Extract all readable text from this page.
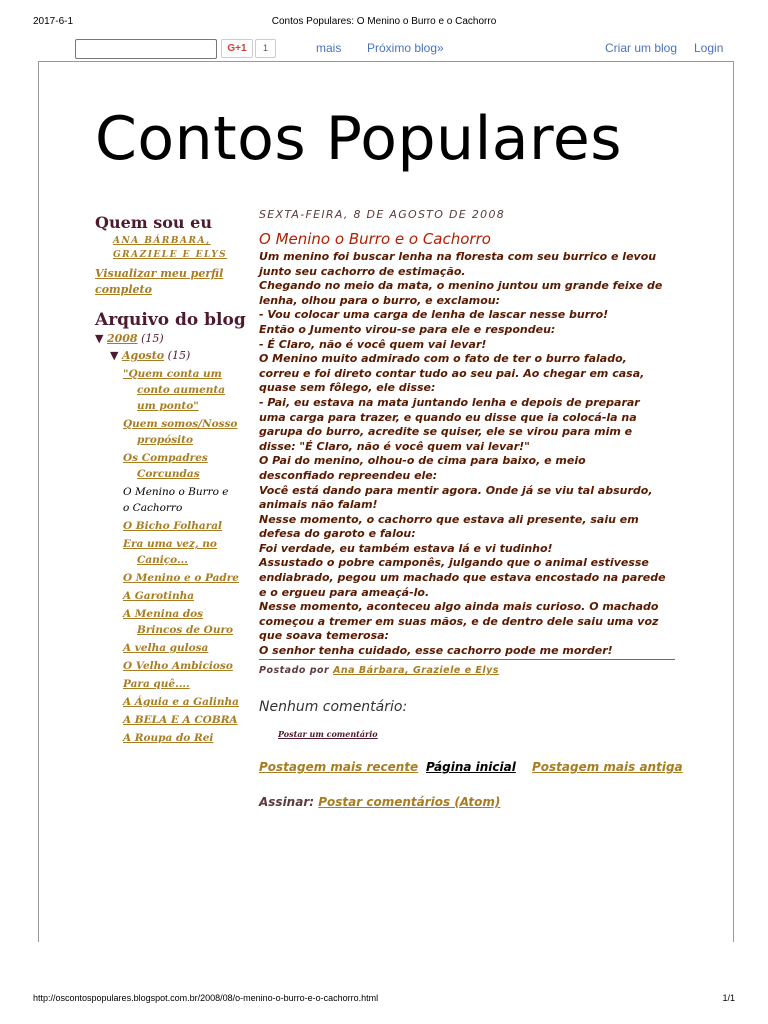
2017-6-1	Contos Populares: O Menino o Burro e o Cachorro
G+1	1	mais Próximo blog»	Criar um blog Login
Contos Populares
Quem sou eu
ANA BÁRBARA,
GRAZIELE E ELYS
Visualizar meu perfil
completo
Arquivo do blog
▼ 2008 (15)
▼ Agosto (15)
"Quem conta um
conto aumenta
um ponto"
Quem somos/Nosso
propósito
Os Compadres
Corcundas
O Menino o Burro e
o Cachorro
O Bicho Folharal
Era uma vez, no
Caniço...
O Menino e o Padre
A Garotinha
A Menina dos
Brincos de Ouro
A velha gulosa
O Velho Ambicioso
Para quê....
A Águia e a Galinha
A BELA E A COBRA
A Roupa do Rei
SEXTA-FEIRA, 8 DE AGOSTO DE 2008
O Menino o Burro e o Cachorro
Um menino foi buscar lenha na floresta com seu burrico e levou
junto seu cachorro de estimação.
Chegando no meio da mata, o menino juntou um grande feixe de
lenha, olhou para o burro, e exclamou:
- Vou colocar uma carga de lenha de lascar nesse burro!
Então o Jumento virou-se para ele e respondeu:
- É Claro, não é você quem vai levar!
O Menino muito admirado com o fato de ter o burro falado,
correu e foi direto contar tudo ao seu pai. Ao chegar em casa,
quase sem fôlego, ele disse:
- Pai, eu estava na mata juntando lenha e depois de preparar
uma carga para trazer, e quando eu disse que ia colocá-la na
garupa do burro, acredite se quiser, ele se virou para mim e
disse: "É Claro, não é você quem vai levar!"
O Pai do menino, olhou-o de cima para baixo, e meio
desconfiado repreendeu ele:
Você está dando para mentir agora. Onde já se viu tal absurdo,
animais não falam!
Nesse momento, o cachorro que estava ali presente, saiu em
defesa do garoto e falou:
Foi verdade, eu também estava lá e vi tudinho!
Assustado o pobre camponês, julgando que o animal estivesse
endiabrado, pegou um machado que estava encostado na parede
e o ergueu para ameaçá-lo.
Nesse momento, aconteceu algo ainda mais curioso. O machado
começou a tremer em suas mãos, e de dentro dele saiu uma voz
que soava temerosa:
O senhor tenha cuidado, esse cachorro pode me morder!
Postado por Ana Bárbara, Graziele e Elys
Nenhum comentário:
Postar um comentário
Postagem mais recente Página inicial Postagem mais antiga
Assinar: Postar comentários (Atom)
http://oscontospopulares.blogspot.com.br/2008/08/o-menino-o-burro-e-o-cachorro.html	1/1
